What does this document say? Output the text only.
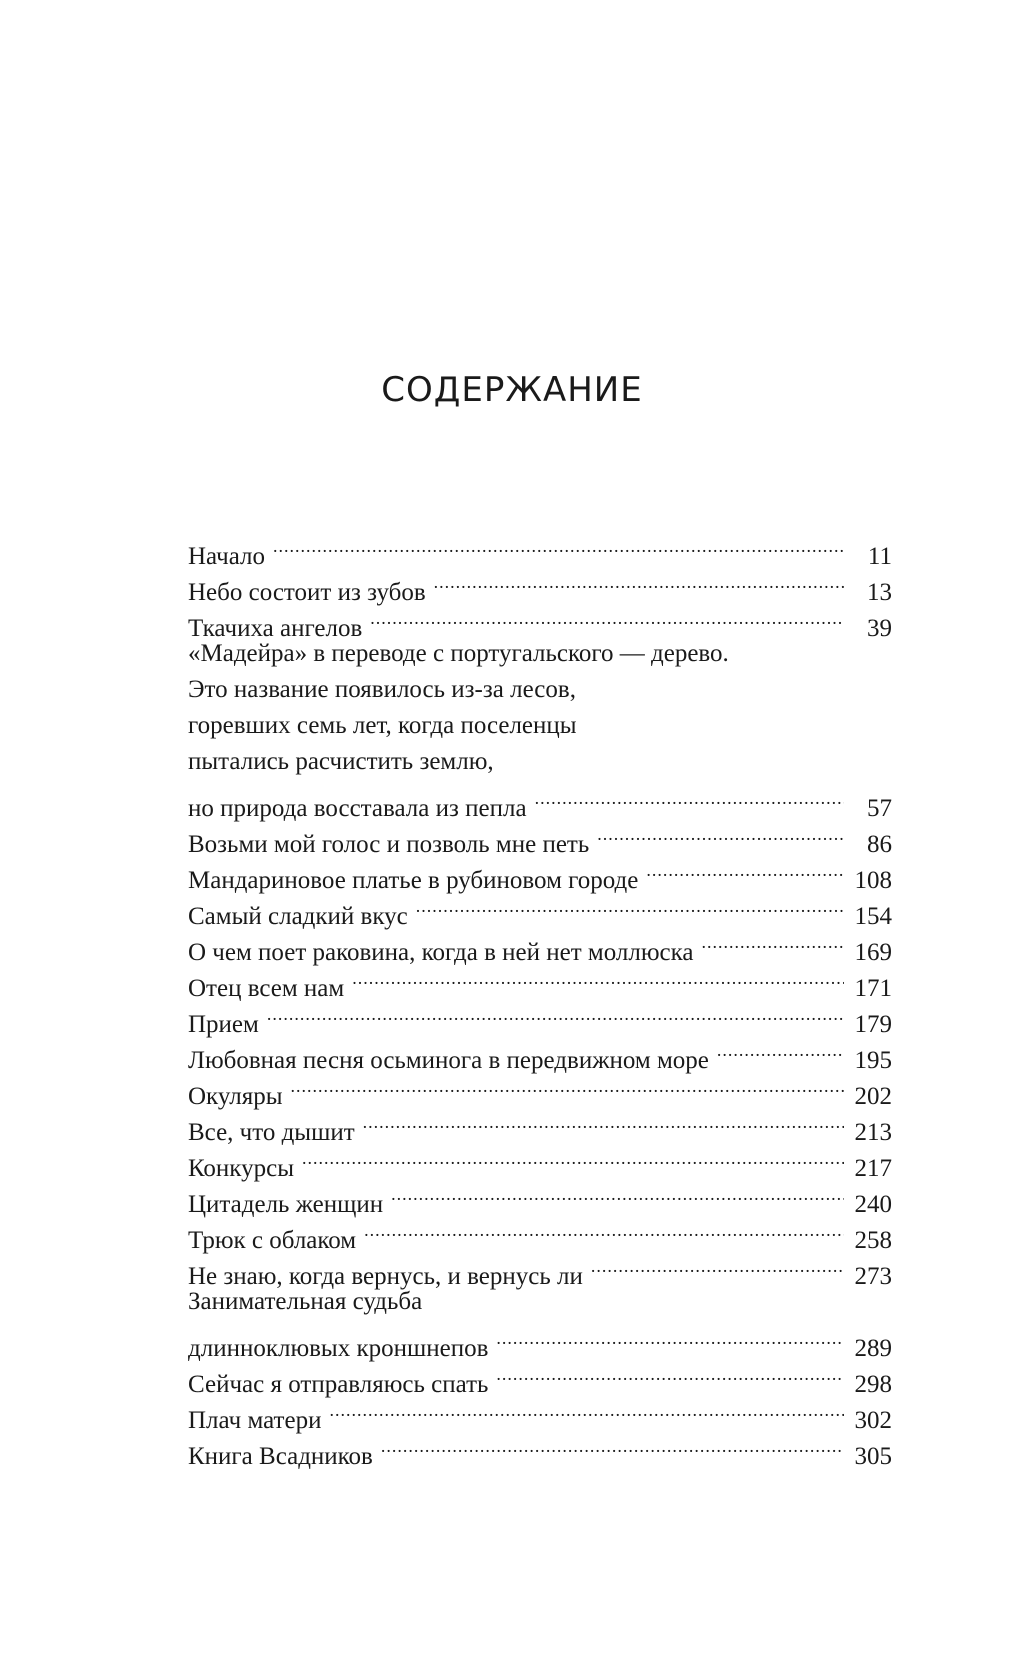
СОДЕРЖАНИЕ
Начало .....	11
Небо состоит из зубов .....	13
Ткачиха ангелов .....	39
«Мадейра» в переводе с португальского — дерево.
Это название появилось из-за лесов,
горевших семь лет, когда поселенцы
пытались расчистить землю,
но природа восставала из пепла .....	57
Возьми мой голос и позволь мне петь .....	86
Мандариновое платье в рубиновом городе .....	108
Самый сладкий вкус .....	154
О чем поет раковина, когда в ней нет моллюска .....	169
Отец всем нам .....	171
Прием .....	179
Любовная песня осьминога в передвижном море .....	195
Окуляры .....	202
Все, что дышит .....	213
Конкурсы .....	217
Цитадель женщин .....	240
Трюк с облаком .....	258
Не знаю, когда вернусь, и вернусь ли .....	273
Занимательная судьба
длинноклювых кроншнепов .....	289
Сейчас я отправляюсь спать .....	298
Плач матери .....	302
Книга Всадников .....	305
